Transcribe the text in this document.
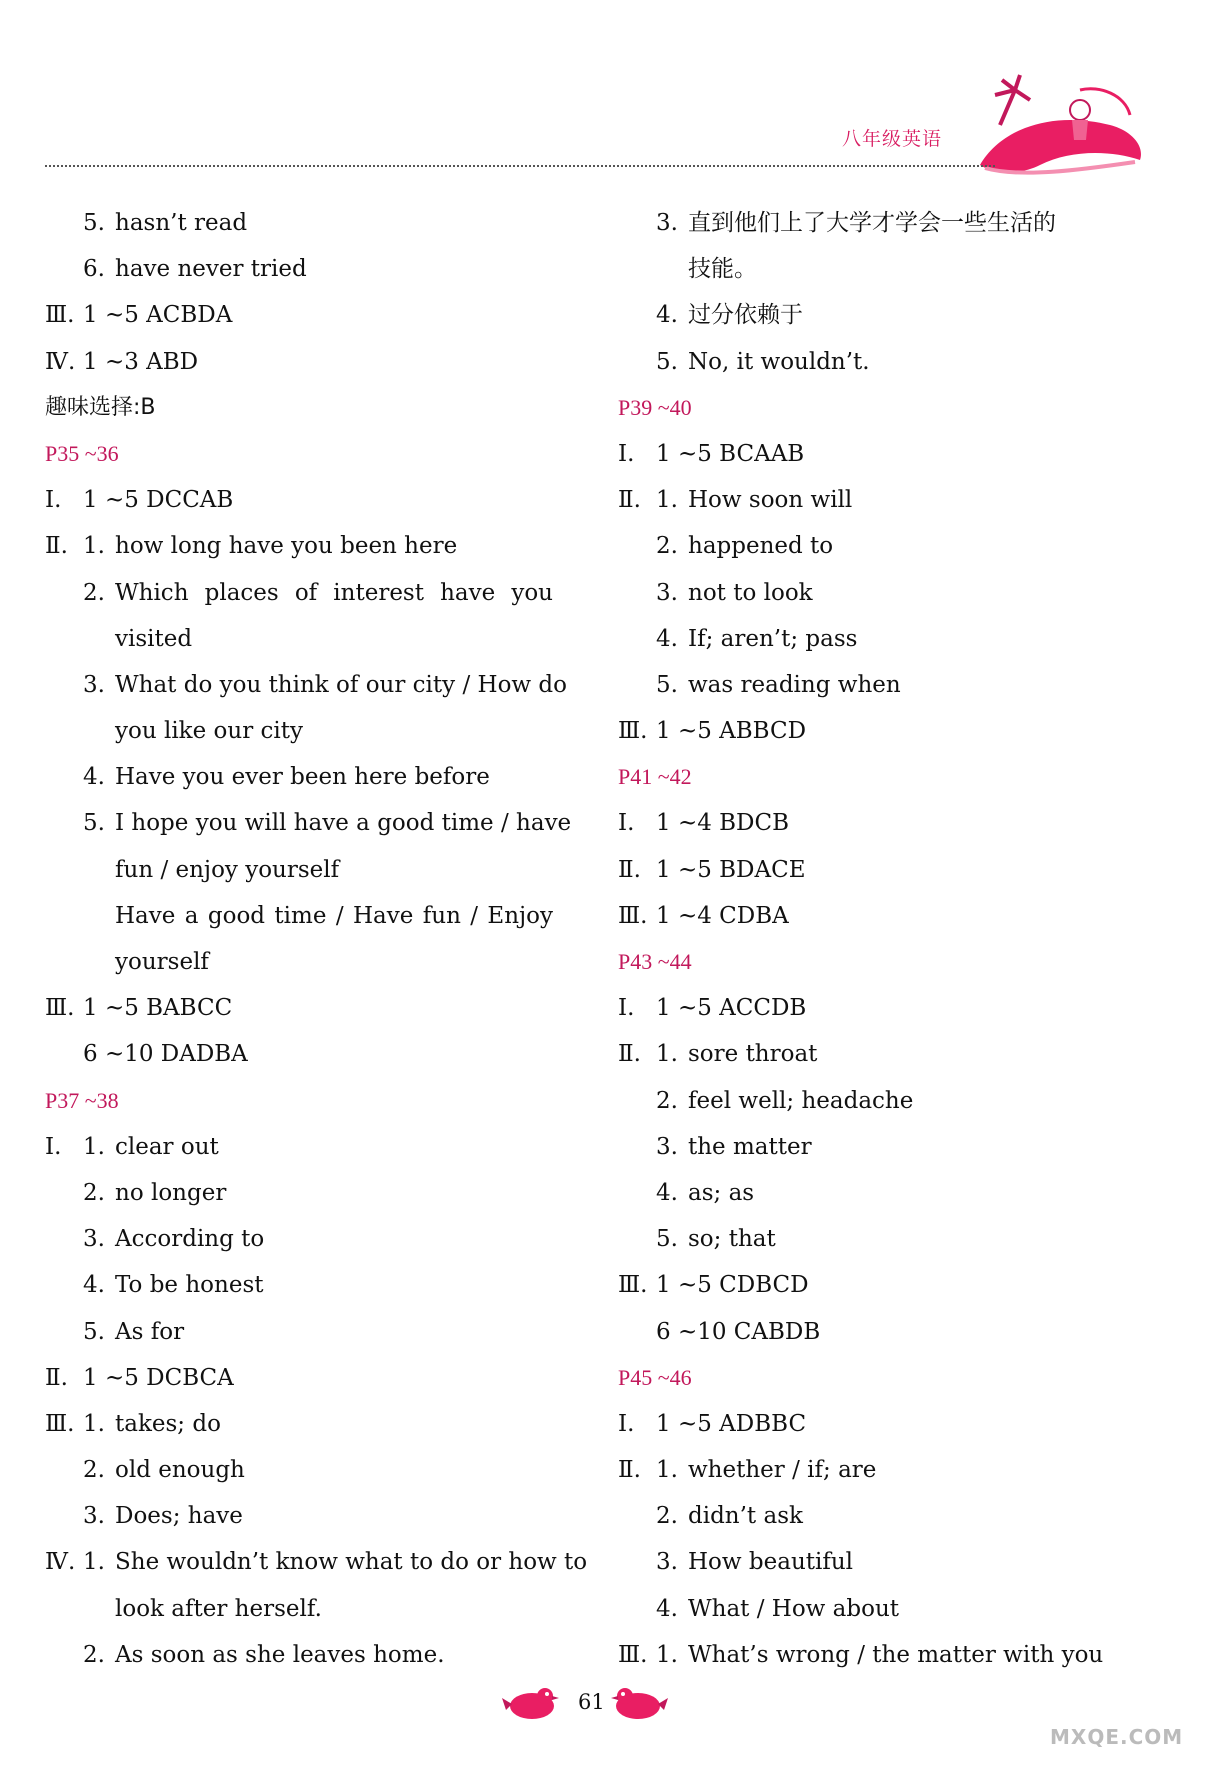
八年级英语
5. hasn’t read
6. have never tried
Ⅲ. 1 ~5 ACBDA
Ⅳ. 1 ~3 ABD
趣味选择:B
P35 ~36
Ⅰ. 1 ~5 DCCAB
Ⅱ. 1. how long have you been here
2. Which places of interest have you
visited
3. What do you think of our city / How do
you like our city
4. Have you ever been here before
5. I hope you will have a good time / have
fun / enjoy yourself
Have a good time / Have fun / Enjoy
yourself
Ⅲ. 1 ~5 BABCC
6 ~10 DADBA
P37 ~38
Ⅰ. 1. clear out
2. no longer
3. According to
4. To be honest
5. As for
Ⅱ. 1 ~5 DCBCA
Ⅲ. 1. takes; do
2. old enough
3. Does; have
Ⅳ. 1. She wouldn’t know what to do or how to
look after herself.
2. As soon as she leaves home.
3. 直到他们上了大学才学会一些生活的
技能。
4. 过分依赖于
5. No, it wouldn’t.
P39 ~40
Ⅰ. 1 ~5 BCAAB
Ⅱ. 1. How soon will
2. happened to
3. not to look
4. If; aren’t; pass
5. was reading when
Ⅲ. 1 ~5 ABBCD
P41 ~42
Ⅰ. 1 ~4 BDCB
Ⅱ. 1 ~5 BDACE
Ⅲ. 1 ~4 CDBA
P43 ~44
Ⅰ. 1 ~5 ACCDB
Ⅱ. 1. sore throat
2. feel well; headache
3. the matter
4. as; as
5. so; that
Ⅲ. 1 ~5 CDBCD
6 ~10 CABDB
P45 ~46
Ⅰ. 1 ~5 ADBBC
Ⅱ. 1. whether / if; are
2. didn’t ask
3. How beautiful
4. What / How about
Ⅲ. 1. What’s wrong / the matter with you
61
MXQE.COM
